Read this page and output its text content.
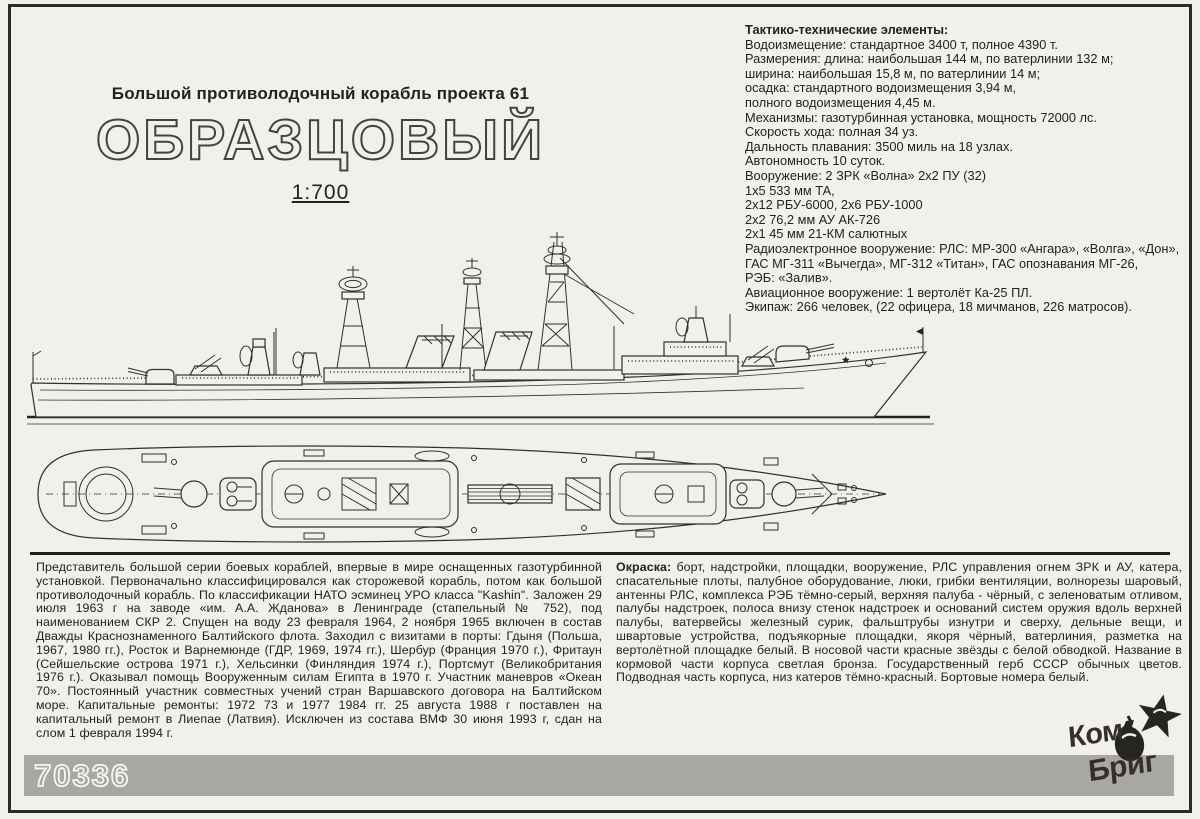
Большой противолодочный корабль проекта 61
ОБРАЗЦОВЫЙ
1:700
Тактико-технические элементы:
Водоизмещение: стандартное 3400 т, полное 4390 т.
Размерения: длина: наибольшая 144 м, по ватерлинии 132 м;
ширина: наибольшая 15,8 м, по ватерлинии 14 м;
осадка: стандартного водоизмещения 3,94 м,
полного водоизмещения 4,45 м.
Механизмы: газотурбинная установка, мощность 72000 лс.
Скорость хода: полная 34 уз.
Дальность плавания: 3500 миль на 18 узлах.
Автономность 10 суток.
Вооружение: 2 ЗРК «Волна» 2х2 ПУ (32)
1х5 533 мм ТА,
2х12 РБУ-6000, 2х6 РБУ-1000
2х2 76,2 мм АУ АК-726
2х1 45 мм 21-КМ салютных
Радиоэлектронное вооружение: РЛС: МР-300 «Ангара», «Волга», «Дон»,
ГАС МГ-311 «Вычегда», МГ-312 «Титан», ГАС опознавания МГ-26,
РЭБ: «Залив».
Авиационное вооружение: 1 вертолёт Ка-25 ПЛ.
Экипаж: 266 человек, (22 офицера, 18 мичманов, 226 матросов).
Представитель большой серии боевых кораблей, впервые в мире оснащенных газотурбинной установкой. Первоначально классифицировался как сторожевой корабль, потом как большой противолодочный корабль. По классификации НАТО эсминец УРО класса "Kashin". Заложен 29 июля 1963 г на заводе «им. А.А. Жданова» в Ленинграде (стапельный № 752), под наименованием СКР 2. Спущен на воду 23 февраля 1964, 2 ноября 1965 включен в состав Дважды Краснознаменного Балтийского флота. Заходил с визитами в порты: Гдыня (Польша, 1967, 1980 гг.), Росток и Варнемюнде (ГДР, 1969, 1974 гг.), Шербур (Франция 1970 г.), Фритаун (Сейшельские острова 1971 г.), Хельсинки (Финляндия 1974 г.), Портсмут (Великобритания 1976 г.). Оказывал помощь Вооруженным силам Египта в 1970 г. Участник маневров «Океан 70». Постоянный участник совместных учений стран Варшавского договора на Балтийском море. Капитальные ремонты: 1972 73 и 1977 1984 гг. 25 августа 1988 г поставлен на капитальный ремонт в Лиепае (Латвия). Исключен из состава ВМФ 30 июня 1993 г, сдан на слом 1 февраля 1994 г.
Окраска: борт, надстройки, площадки, вооружение, РЛС управления огнем ЗРК и АУ, катера, спасательные плоты, палубное оборудование, люки, грибки вентиляции, волнорезы шаровый, антенны РЛС, комплекса РЭБ тёмно-серый, верхняя палуба - чёрный, с зеленоватым отливом, палубы надстроек, полоса внизу стенок надстроек и оснований систем оружия вдоль верхней палубы, ватервейсы железный сурик, фальштрубы изнутри и сверху, дельные вещи, и швартовые устройства, подъякорные площадки, якоря чёрный, ватерлиния, разметка на вертолётной площадке белый. В носовой части красные звёзды с белой обводкой. Название в кормовой части корпуса светлая бронза. Государственный герб СССР обычных цветов. Подводная часть корпуса, низ катеров тёмно-красный. Бортовые номера белый.
70336
Ком
Бриг
